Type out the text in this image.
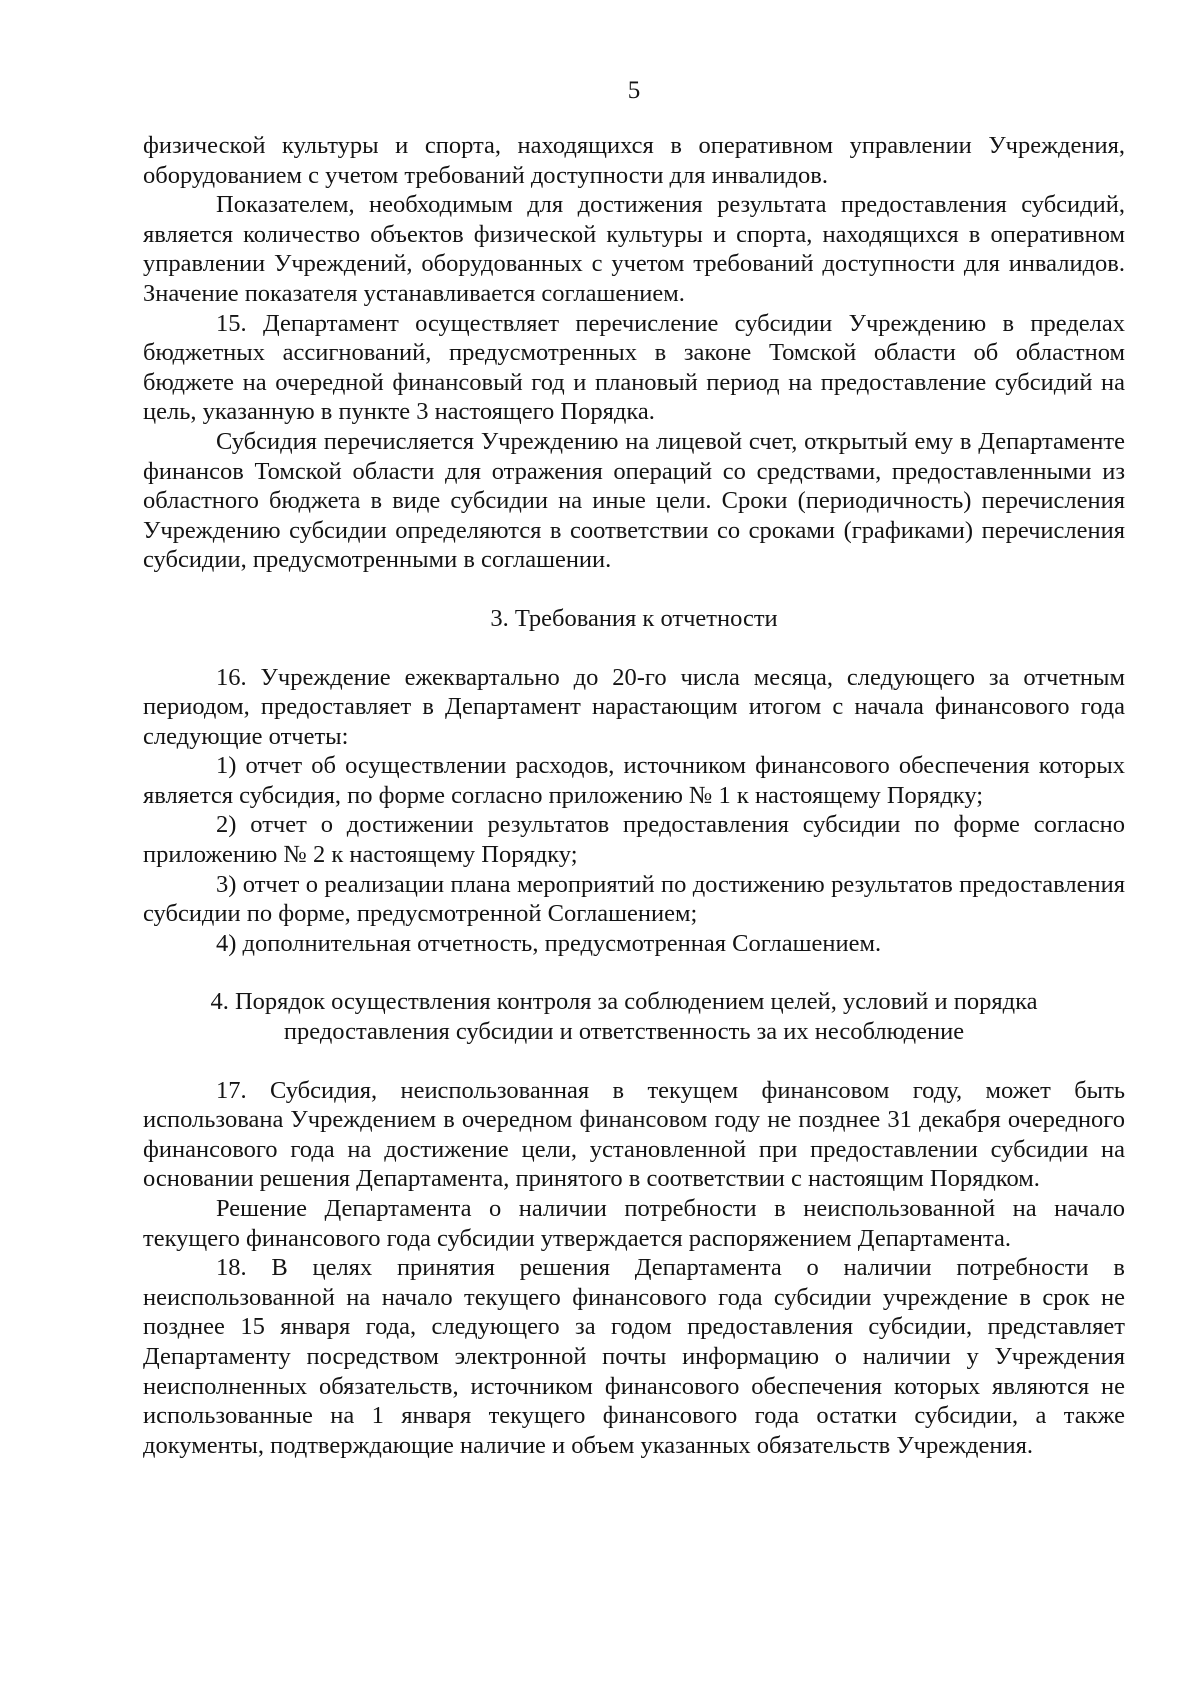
5

физической культуры и спорта, находящихся в оперативном управлении Учреждения, оборудованием с учетом требований доступности для инвалидов.

Показателем, необходимым для достижения результата предоставления субсидий, является количество объектов физической культуры и спорта, находящихся в оперативном управлении Учреждений, оборудованных с учетом требований доступности для инвалидов. Значение показателя устанавливается соглашением.

15. Департамент осуществляет перечисление субсидии Учреждению в пределах бюджетных ассигнований, предусмотренных в законе Томской области об областном бюджете на очередной финансовый год и плановый период на предоставление субсидий на цель, указанную в пункте 3 настоящего Порядка.

Субсидия перечисляется Учреждению на лицевой счет, открытый ему в Департаменте финансов Томской области для отражения операций со средствами, предоставленными из областного бюджета в виде субсидии на иные цели. Сроки (периодичность) перечисления Учреждению субсидии определяются в соответствии со сроками (графиками) перечисления субсидии, предусмотренными в соглашении.

3. Требования к отчетности

16. Учреждение ежеквартально до 20-го числа месяца, следующего за отчетным периодом, предоставляет в Департамент нарастающим итогом с начала финансового года следующие отчеты:

1) отчет об осуществлении расходов, источником финансового обеспечения которых является субсидия, по форме согласно приложению № 1 к настоящему Порядку;

2) отчет о достижении результатов предоставления субсидии по форме согласно приложению № 2 к настоящему Порядку;

3) отчет о реализации плана мероприятий по достижению результатов предоставления субсидии по форме, предусмотренной Соглашением;

4) дополнительная отчетность, предусмотренная Соглашением.

4. Порядок осуществления контроля за соблюдением целей, условий и порядка
предоставления субсидии и ответственность за их несоблюдение

17. Субсидия, неиспользованная в текущем финансовом году, может быть использована Учреждением в очередном финансовом году не позднее 31 декабря очередного финансового года на достижение цели, установленной при предоставлении субсидии на основании решения Департамента, принятого в соответствии с настоящим Порядком.

Решение Департамента о наличии потребности в неиспользованной на начало текущего финансового года субсидии утверждается распоряжением Департамента.

18. В целях принятия решения Департамента о наличии потребности в неиспользованной на начало текущего финансового года субсидии учреждение в срок не позднее 15 января года, следующего за годом предоставления субсидии, представляет Департаменту посредством электронной почты информацию о наличии у Учреждения неисполненных обязательств, источником финансового обеспечения которых являются не использованные на 1 января текущего финансового года остатки субсидии, а также документы, подтверждающие наличие и объем указанных обязательств Учреждения.
